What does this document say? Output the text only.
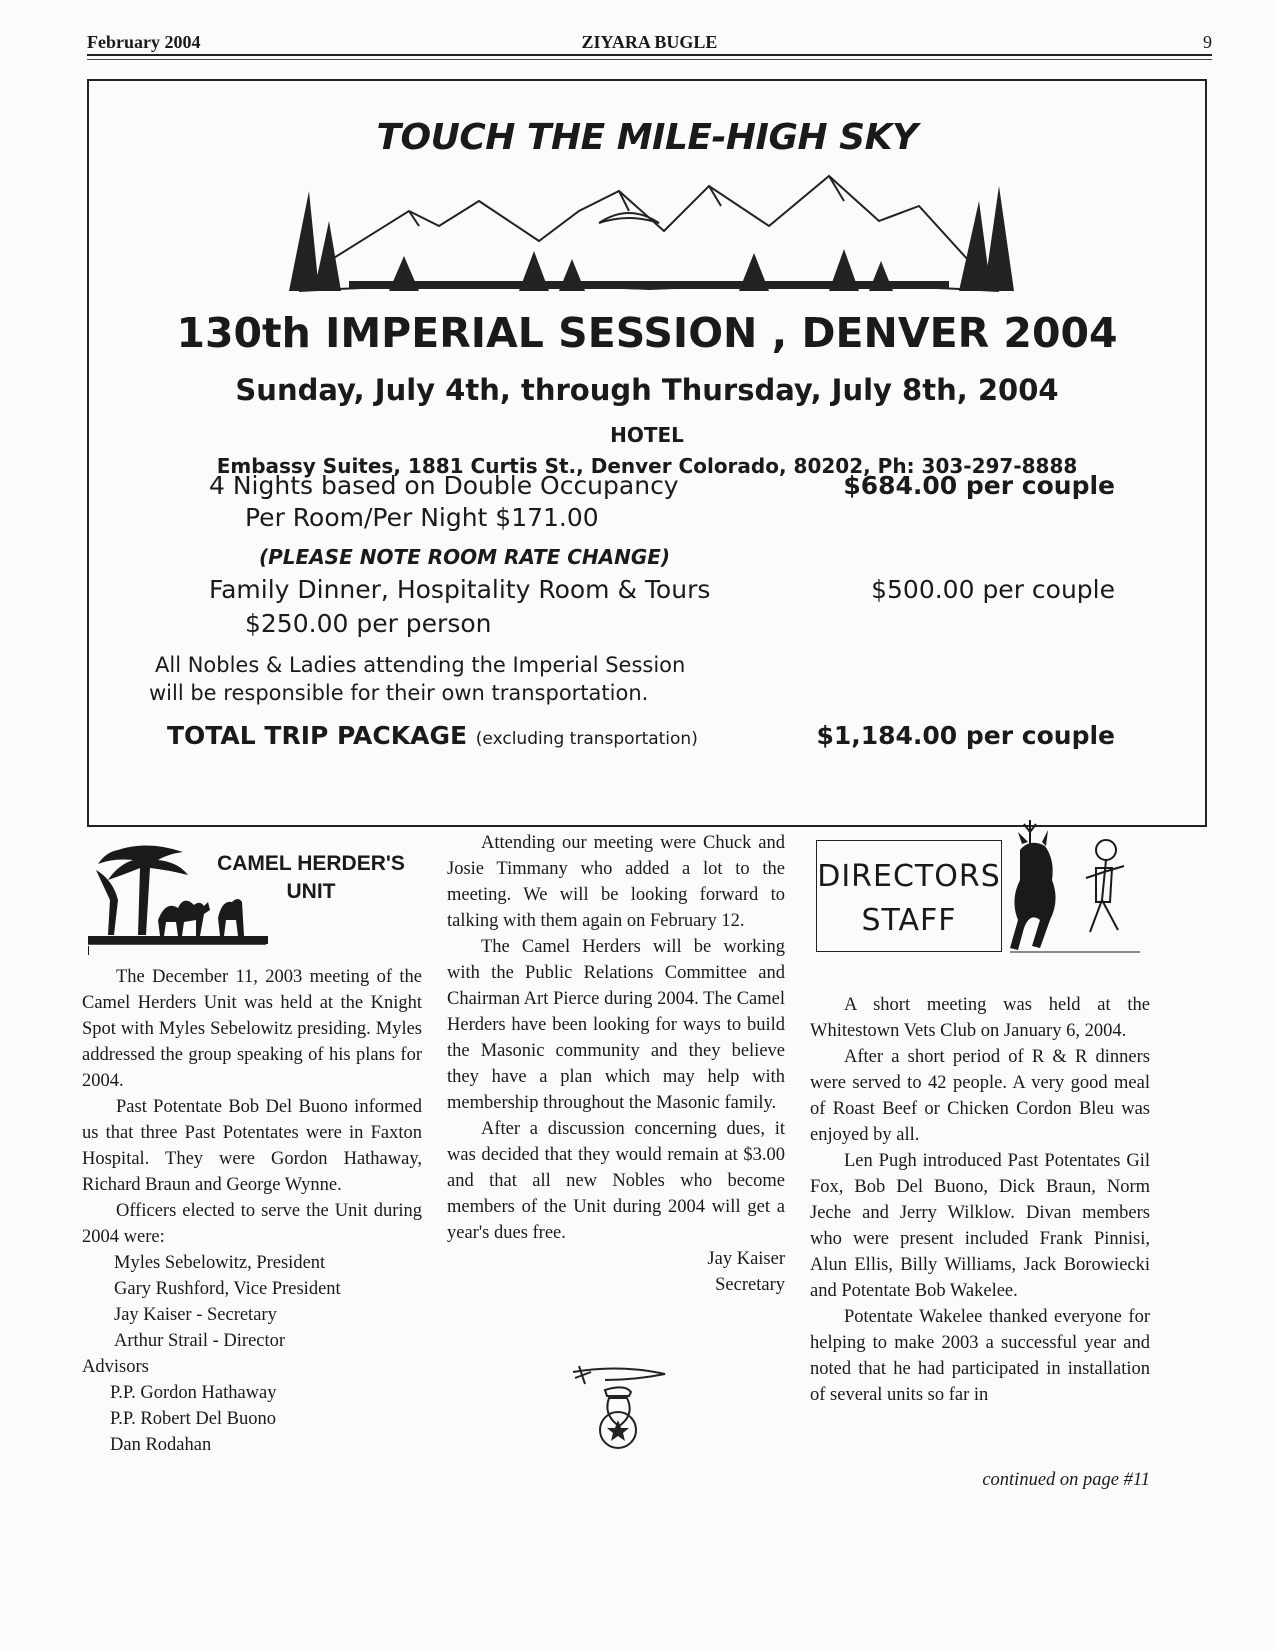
February 2004	ZIYARA BUGLE	9
TOUCH THE MILE-HIGH SKY
130th IMPERIAL SESSION , DENVER 2004
Sunday, July 4th, through Thursday, July 8th, 2004
HOTEL
Embassy Suites, 1881 Curtis St., Denver Colorado, 80202, Ph: 303-297-8888
4 Nights based on Double Occupancy	$684.00 per couple
Per Room/Per Night $171.00
(PLEASE NOTE ROOM RATE CHANGE)
Family Dinner, Hospitality Room & Tours	$500.00 per couple
$250.00 per person
All Nobles & Ladies attending the Imperial Session
will be responsible for their own transportation.
TOTAL TRIP PACKAGE (excluding transportation)	$1,184.00 per couple
CAMEL HERDER'S
UNIT

The December 11, 2003 meeting of the Camel Herders Unit was held at the Knight Spot with Myles Sebelowitz presiding. Myles addressed the group speaking of his plans for 2004.

Past Potentate Bob Del Buono informed us that three Past Potentates were in Faxton Hospital. They were Gordon Hathaway, Richard Braun and George Wynne.

Officers elected to serve the Unit during 2004 were:

Myles Sebelowitz, President
Gary Rushford, Vice President
Jay Kaiser - Secretary
Arthur Strail - Director
Advisors
P.P. Gordon Hathaway
P.P. Robert Del Buono
Dan Rodahan

Attending our meeting were Chuck and Josie Timmany who added a lot to the meeting. We will be looking forward to talking with them again on February 12.

The Camel Herders will be working with the Public Relations Committee and Chairman Art Pierce during 2004. The Camel Herders have been looking for ways to build the Masonic community and they believe they have a plan which may help with membership throughout the Masonic family.

After a discussion concerning dues, it was decided that they would remain at $3.00 and that all new Nobles who become members of the Unit during 2004 will get a year's dues free.

Jay Kaiser
Secretary
DIRECTORS
STAFF

A short meeting was held at the Whitestown Vets Club on January 6, 2004.

After a short period of R & R dinners were served to 42 people. A very good meal of Roast Beef or Chicken Cordon Bleu was enjoyed by all.

Len Pugh introduced Past Potentates Gil Fox, Bob Del Buono, Dick Braun, Norm Jeche and Jerry Wilklow. Divan members who were present included Frank Pinnisi, Alun Ellis, Billy Williams, Jack Borowiecki and Potentate Bob Wakelee.

Potentate Wakelee thanked everyone for helping to make 2003 a successful year and noted that he had participated in installation of several units so far in

continued on page #11
